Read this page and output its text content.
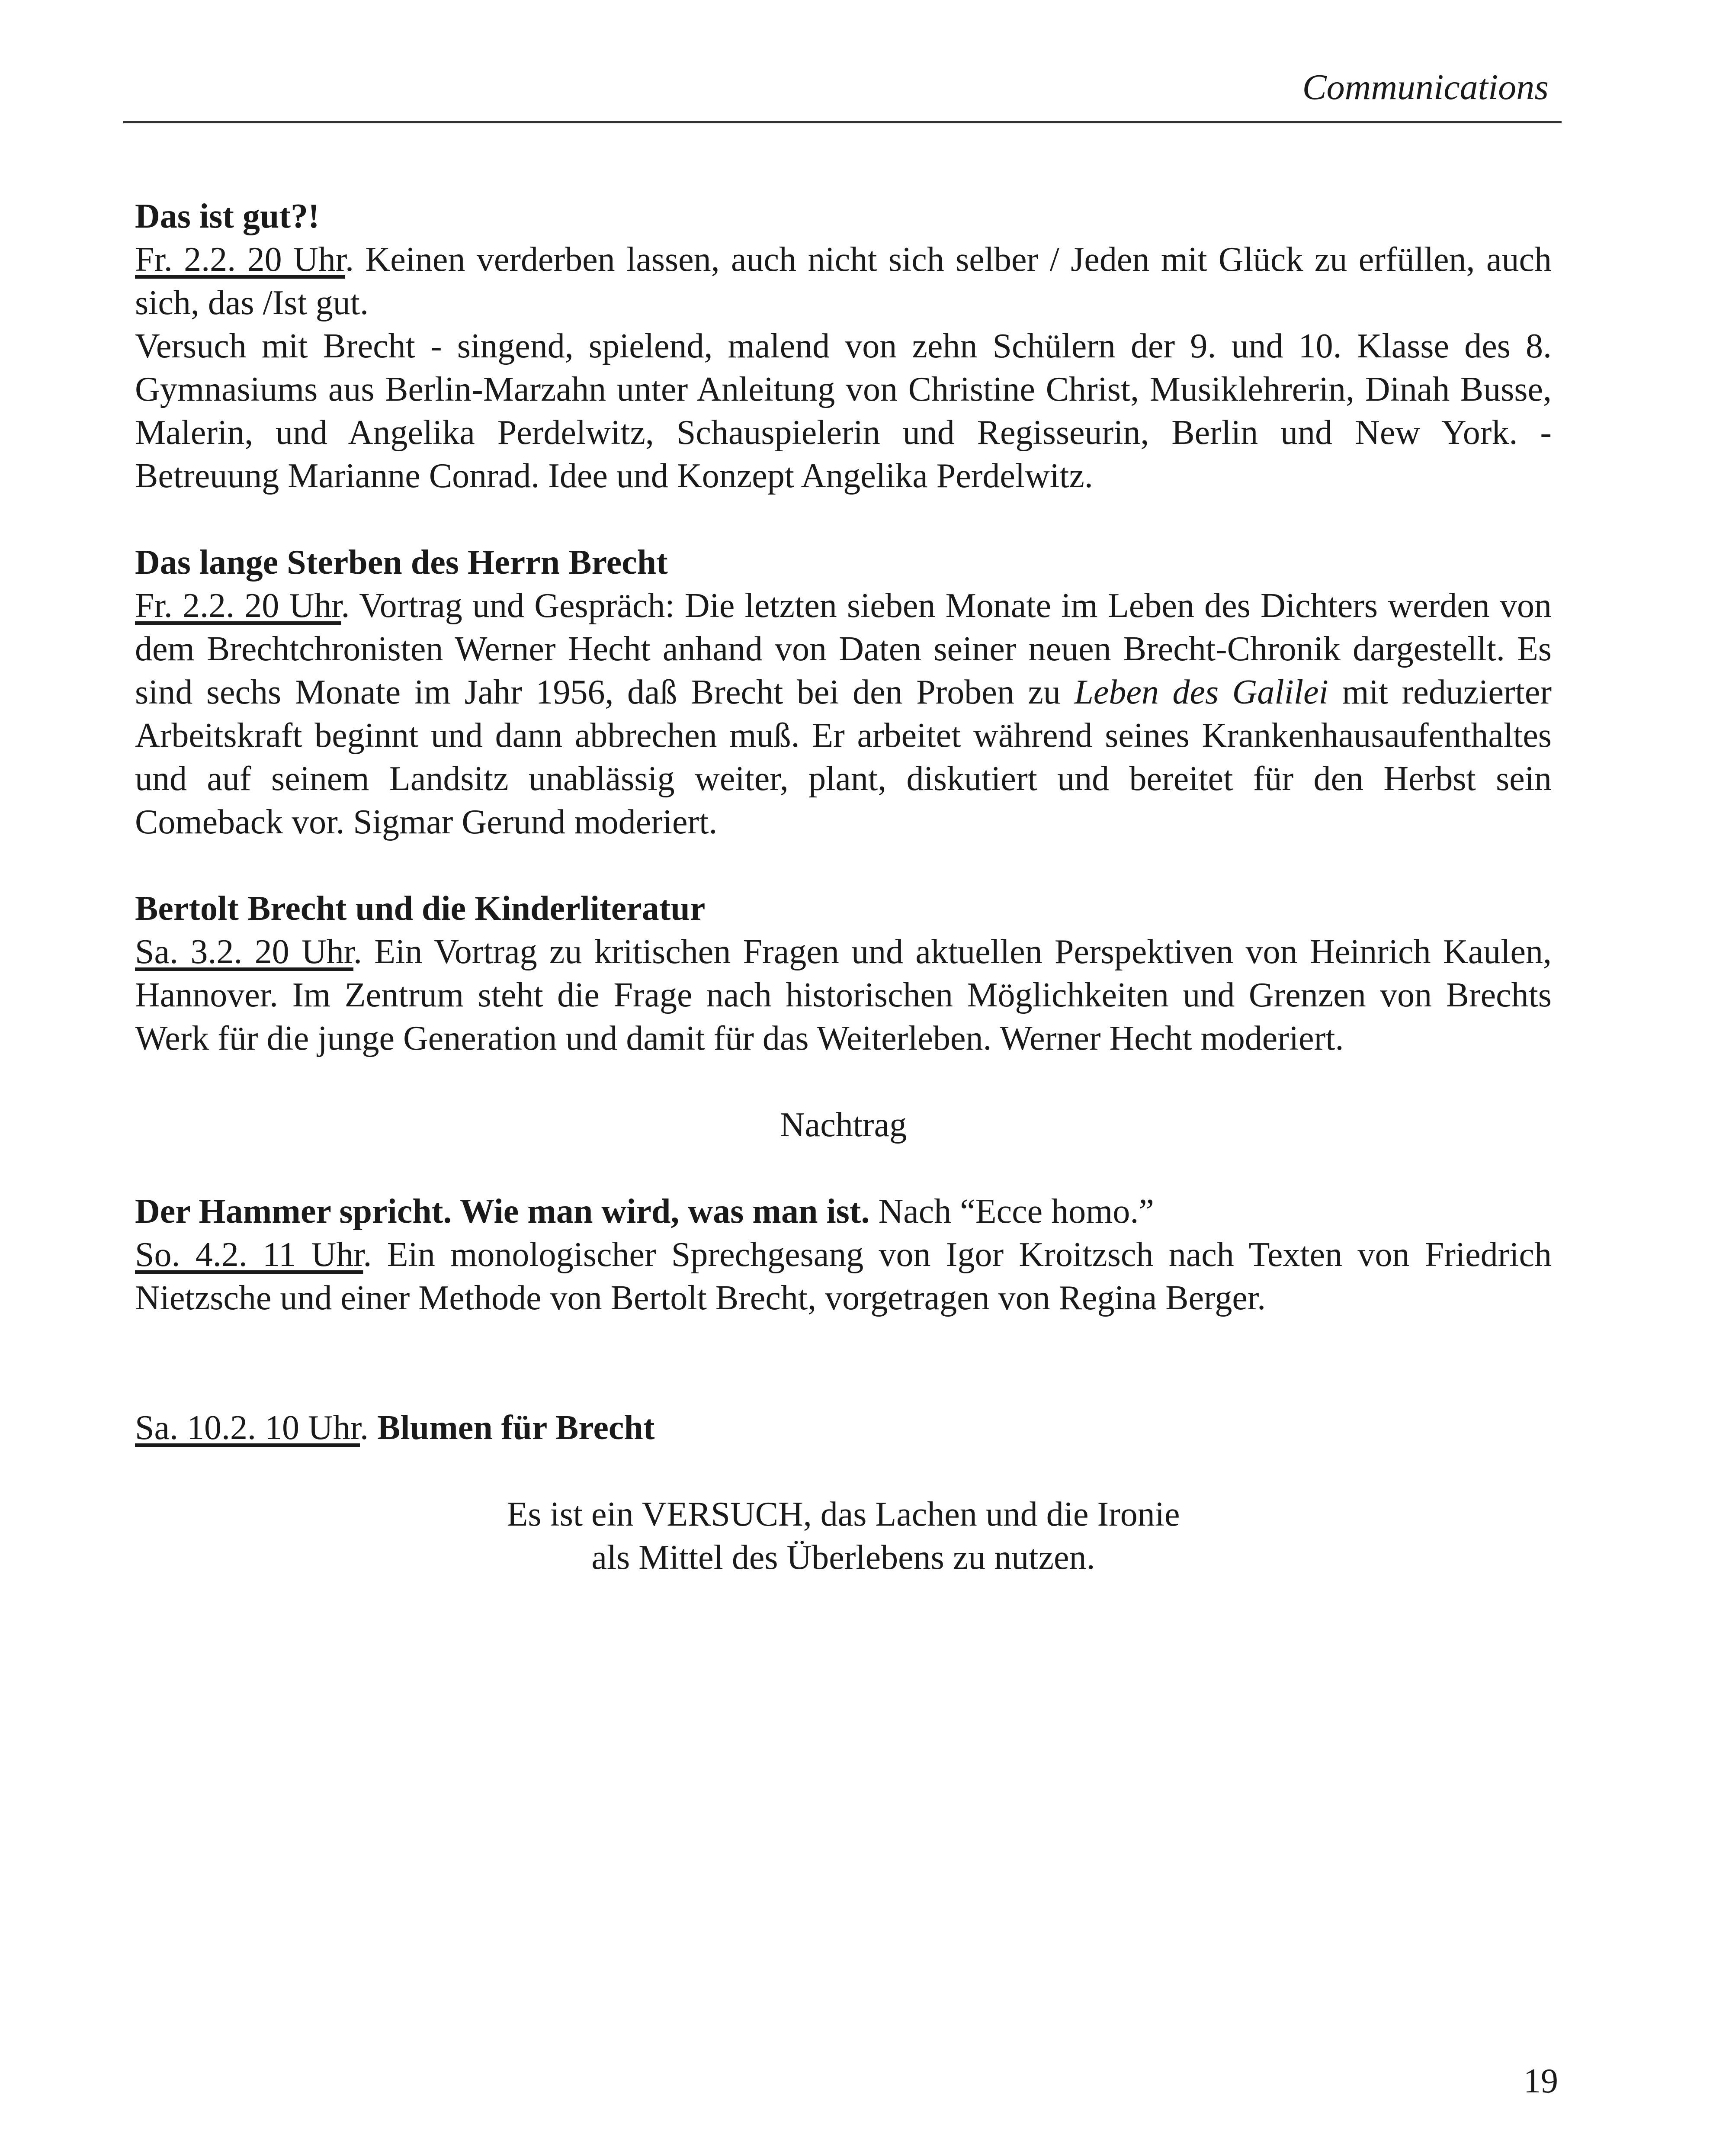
Communications
Das ist gut?!

Fr. 2.2. 20 Uhr. Keinen verderben lassen, auch nicht sich selber / Jeden mit Glück zu erfüllen, auch sich, das /Ist gut.
Versuch mit Brecht - singend, spielend, malend von zehn Schülern der 9. und 10. Klasse des 8. Gymnasiums aus Berlin-Marzahn unter Anleitung von Christine Christ, Musiklehrerin, Dinah Busse, Malerin, und Angelika Perdelwitz, Schauspielerin und Regisseurin, Berlin und New York. - Betreuung Marianne Conrad. Idee und Konzept Angelika Perdelwitz.

Das lange Sterben des Herrn Brecht

Fr. 2.2. 20 Uhr. Vortrag und Gespräch: Die letzten sieben Monate im Leben des Dichters werden von dem Brechtchronisten Werner Hecht anhand von Daten seiner neuen Brecht-Chronik dargestellt. Es sind sechs Monate im Jahr 1956, daß Brecht bei den Proben zu Leben des Galilei mit reduzierter Arbeitskraft beginnt und dann abbrechen muß. Er arbeitet während seines Krankenhausaufenthaltes und auf seinem Landsitz unablässig weiter, plant, diskutiert und bereitet für den Herbst sein Comeback vor. Sigmar Gerund moderiert.

Bertolt Brecht und die Kinderliteratur

Sa. 3.2. 20 Uhr. Ein Vortrag zu kritischen Fragen und aktuellen Perspektiven von Heinrich Kaulen, Hannover. Im Zentrum steht die Frage nach historischen Möglichkeiten und Grenzen von Brechts Werk für die junge Generation und damit für das Weiterleben. Werner Hecht moderiert.

Nachtrag

Der Hammer spricht. Wie man wird, was man ist. Nach “Ecce homo.”

So. 4.2. 11 Uhr. Ein monologischer Sprechgesang von Igor Kroitzsch nach Texten von Friedrich Nietzsche und einer Methode von Bertolt Brecht, vorgetragen von Regina Berger.

Sa. 10.2. 10 Uhr. Blumen für Brecht

Es ist ein VERSUCH, das Lachen und die Ironie
als Mittel des Überlebens zu nutzen.
19
